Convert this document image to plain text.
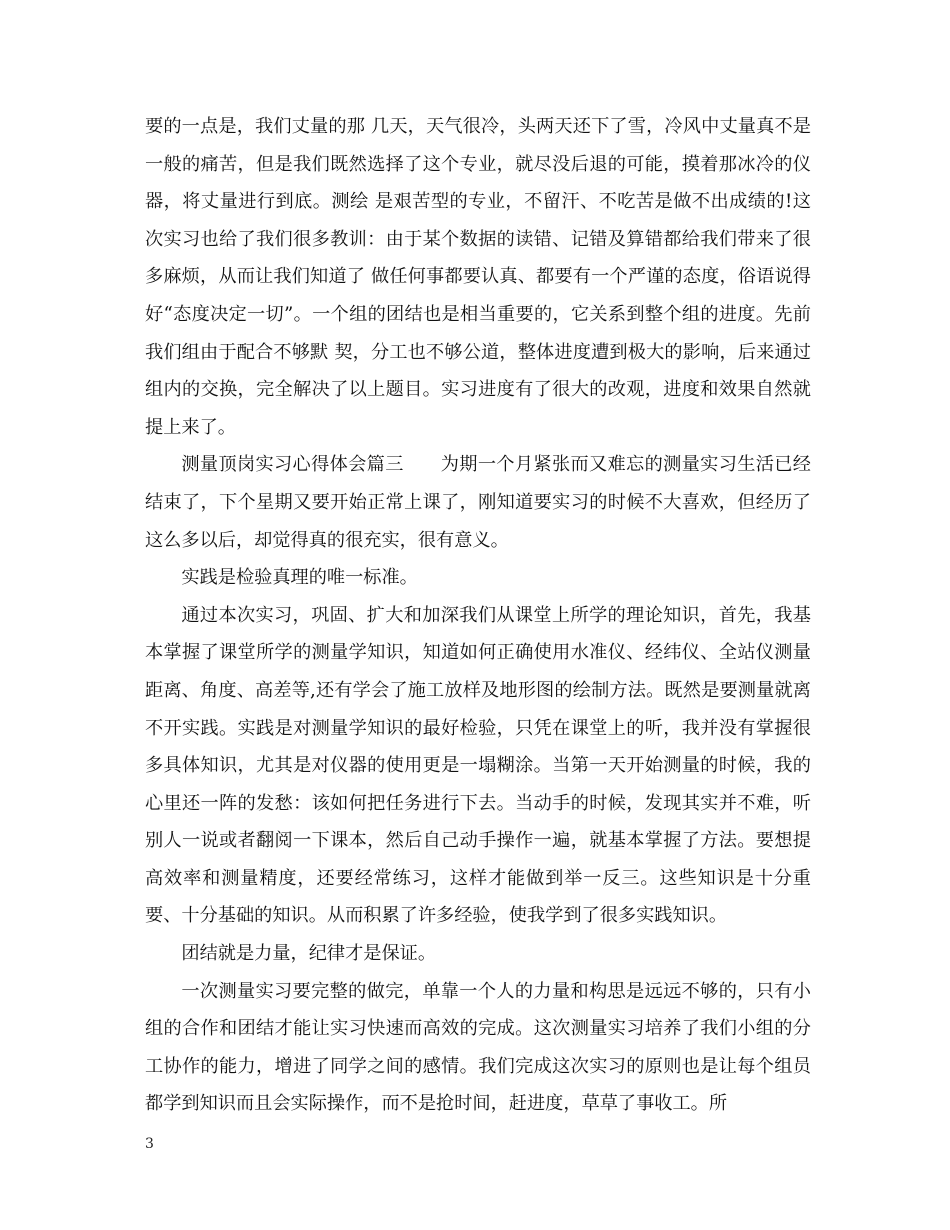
要的一点是，我们丈量的那 几天，天气很冷，头两天还下了雪，冷风中丈量真不是一般的痛苦，但是我们既然选择了这个专业，就尽没后退的可能，摸着那冰冷的仪器，将丈量进行到底。测绘 是艰苦型的专业，不留汗、不吃苦是做不出成绩的!这次实习也给了我们很多教训：由于某个数据的读错、记错及算错都给我们带来了很多麻烦，从而让我们知道了 做任何事都要认真、都要有一个严谨的态度，俗语说得好“态度决定一切”。一个组的团结也是相当重要的，它关系到整个组的进度。先前我们组由于配合不够默 契，分工也不够公道，整体进度遭到极大的影响，后来通过组内的交换，完全解决了以上题目。实习进度有了很大的改观，进度和效果自然就提上来了。

测量顶岗实习心得体会篇三　　为期一个月紧张而又难忘的测量实习生活已经结束了，下个星期又要开始正常上课了，刚知道要实习的时候不大喜欢，但经历了这么多以后，却觉得真的很充实，很有意义。

实践是检验真理的唯一标准。

通过本次实习，巩固、扩大和加深我们从课堂上所学的理论知识，首先，我基本掌握了课堂所学的测量学知识，知道如何正确使用水准仪、经纬仪、全站仪测量距离、角度、高差等,还有学会了施工放样及地形图的绘制方法。既然是要测量就离不开实践。实践是对测量学知识的最好检验，只凭在课堂上的听，我并没有掌握很多具体知识，尤其是对仪器的使用更是一塌糊涂。当第一天开始测量的时候，我的心里还一阵的发愁：该如何把任务进行下去。当动手的时候，发现其实并不难，听别人一说或者翻阅一下课本，然后自己动手操作一遍，就基本掌握了方法。要想提高效率和测量精度，还要经常练习，这样才能做到举一反三。这些知识是十分重要、十分基础的知识。从而积累了许多经验，使我学到了很多实践知识。

团结就是力量，纪律才是保证。

一次测量实习要完整的做完，单靠一个人的力量和构思是远远不够的，只有小组的合作和团结才能让实习快速而高效的完成。这次测量实习培养了我们小组的分工协作的能力，增进了同学之间的感情。我们完成这次实习的原则也是让每个组员都学到知识而且会实际操作，而不是抢时间，赶进度，草草了事收工。所

3
